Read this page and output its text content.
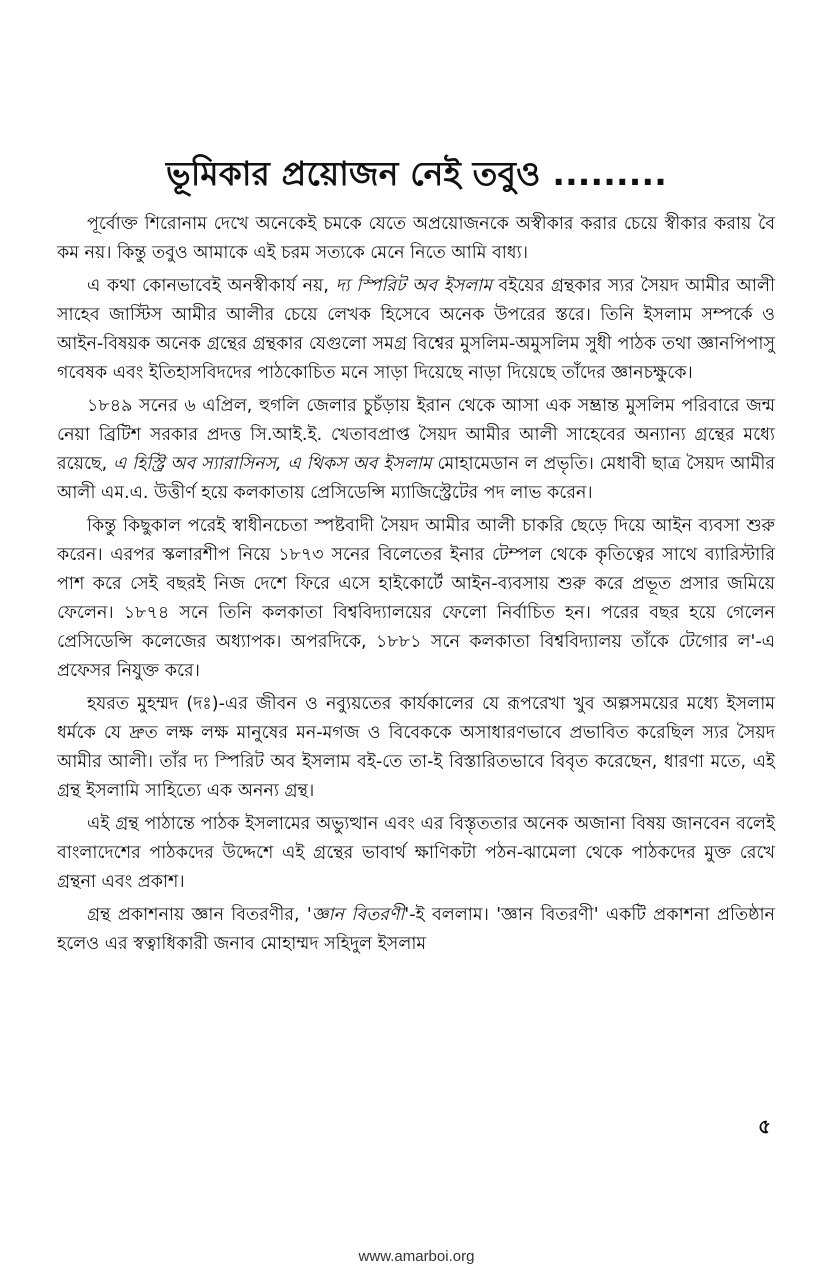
ভূমিকার প্রয়োজন নেই তবুও .........

পূর্বোক্ত শিরোনাম দেখে অনেকেই চমকে যেতে অপ্রয়োজনকে অস্বীকার করার চেয়ে স্বীকার করায় বৈ কম নয়। কিন্তু তবুও আমাকে এই চরম সত্যকে মেনে নিতে আমি বাধ্য।

এ কথা কোনভাবেই অনস্বীকার্য নয়, দ্য স্পিরিট অব ইসলাম বইয়ের গ্রন্থকার স্যর সৈয়দ আমীর আলী সাহেব জাস্টিস আমীর আলীর চেয়ে লেখক হিসেবে অনেক উপরের স্তরে। তিনি ইসলাম সম্পর্কে ও আইন-বিষয়ক অনেক গ্রন্থের গ্রন্থকার যেগুলো সমগ্র বিশ্বের মুসলিম-অমুসলিম সুধী পাঠক তথা জ্ঞানপিপাসু গবেষক এবং ইতিহাসবিদদের পাঠকোচিত মনে সাড়া দিয়েছে নাড়া দিয়েছে তাঁদের জ্ঞানচক্ষুকে।

১৮৪৯ সনের ৬ এপ্রিল, হুগলি জেলার চুচঁড়ায় ইরান থেকে আসা এক সম্ভ্রান্ত মুসলিম পরিবারে জন্ম নেয়া ব্রিটিশ সরকার প্রদত্ত সি.আই.ই. খেতাবপ্রাপ্ত সৈয়দ আমীর আলী সাহেবের অন্যান্য গ্রন্থের মধ্যে রয়েছে, এ হিস্ট্রি অব স্যারাসিনস, এ থিকস অব ইসলাম মোহামেডান ল প্রভৃতি। মেধাবী ছাত্র সৈয়দ আমীর আলী এম.এ. উত্তীর্ণ হয়ে কলকাতায় প্রেসিডেন্সি ম্যাজিস্ট্রেটের পদ লাভ করেন।

কিন্তু কিছুকাল পরেই স্বাধীনচেতা স্পষ্টবাদী সৈয়দ আমীর আলী চাকরি ছেড়ে দিয়ে আইন ব্যবসা শুরু করেন। এরপর স্কলারশীপ নিয়ে ১৮৭৩ সনের বিলেতের ইনার টেম্পল থেকে কৃতিত্বের সাথে ব্যারিস্টারি পাশ করে সেই বছরই নিজ দেশে ফিরে এসে হাইকোর্টে আইন-ব্যবসায় শুরু করে প্রভূত প্রসার জমিয়ে ফেলেন। ১৮৭৪ সনে তিনি কলকাতা বিশ্ববিদ্যালয়ের ফেলো নির্বাচিত হন। পরের বছর হয়ে গেলেন প্রেসিডেন্সি কলেজের অধ্যাপক। অপরদিকে, ১৮৮১ সনে কলকাতা বিশ্ববিদ্যালয় তাঁকে টেগোর ল'-এ প্রফেসর নিযুক্ত করে।

হযরত মুহম্মদ (দঃ)-এর জীবন ও নব্যুয়তের কার্যকালের যে রূপরেখা খুব অল্পসময়ের মধ্যে ইসলাম ধর্মকে যে দ্রুত লক্ষ লক্ষ মানুষের মন-মগজ ও বিবেককে অসাধারণভাবে প্রভাবিত করেছিল স্যর সৈয়দ আমীর আলী। তাঁর দ্য স্পিরিট অব ইসলাম বই-তে তা-ই বিস্তারিতভাবে বিবৃত করেছেন, ধারণা মতে, এই গ্রন্থ ইসলামি সাহিত্যে এক অনন্য গ্রন্থ।

এই গ্রন্থ পাঠান্তে পাঠক ইসলামের অভ্যুত্থান এবং এর বিস্তৃততার অনেক অজানা বিষয় জানবেন বলেই বাংলাদেশের পাঠকদের উদ্দেশে এই গ্রন্থের ভাবার্থ ক্ষাণিকটা পঠন-ঝামেলা থেকে পাঠকদের মুক্ত রেখে গ্রন্থনা এবং প্রকাশ।

গ্রন্থ প্রকাশনায় জ্ঞান বিতরণীর, 'জ্ঞান বিতরণী'-ই বললাম। 'জ্ঞান বিতরণী' একটি প্রকাশনা প্রতিষ্ঠান হলেও এর স্বত্বাধিকারী জনাব মোহাম্মদ সহিদুল ইসলাম

৫
www.amarboi.org
